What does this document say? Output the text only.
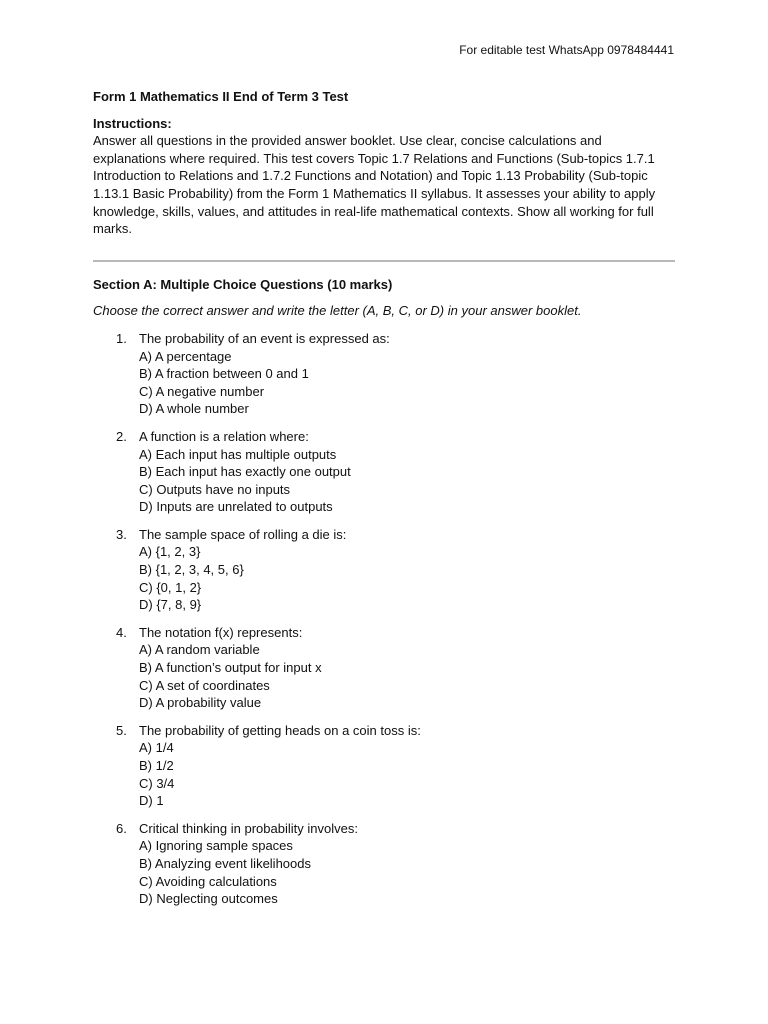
For editable test WhatsApp 0978484441

Form 1 Mathematics II End of Term 3 Test

Instructions:

Answer all questions in the provided answer booklet. Use clear, concise calculations and explanations where required. This test covers Topic 1.7 Relations and Functions (Sub-topics 1.7.1 Introduction to Relations and 1.7.2 Functions and Notation) and Topic 1.13 Probability (Sub-topic 1.13.1 Basic Probability) from the Form 1 Mathematics II syllabus. It assesses your ability to apply knowledge, skills, values, and attitudes in real-life mathematical contexts. Show all working for full marks.

Section A: Multiple Choice Questions (10 marks)

Choose the correct answer and write the letter (A, B, C, or D) in your answer booklet.

1. The probability of an event is expressed as:
A) A percentage
B) A fraction between 0 and 1
C) A negative number
D) A whole number
2. A function is a relation where:
A) Each input has multiple outputs
B) Each input has exactly one output
C) Outputs have no inputs
D) Inputs are unrelated to outputs
3. The sample space of rolling a die is:
A) {1, 2, 3}
B) {1, 2, 3, 4, 5, 6}
C) {0, 1, 2}
D) {7, 8, 9}
4. The notation f(x) represents:
A) A random variable
B) A function’s output for input x
C) A set of coordinates
D) A probability value
5. The probability of getting heads on a coin toss is:
A) 1/4
B) 1/2
C) 3/4
D) 1
6. Critical thinking in probability involves:
A) Ignoring sample spaces
B) Analyzing event likelihoods
C) Avoiding calculations
D) Neglecting outcomes
